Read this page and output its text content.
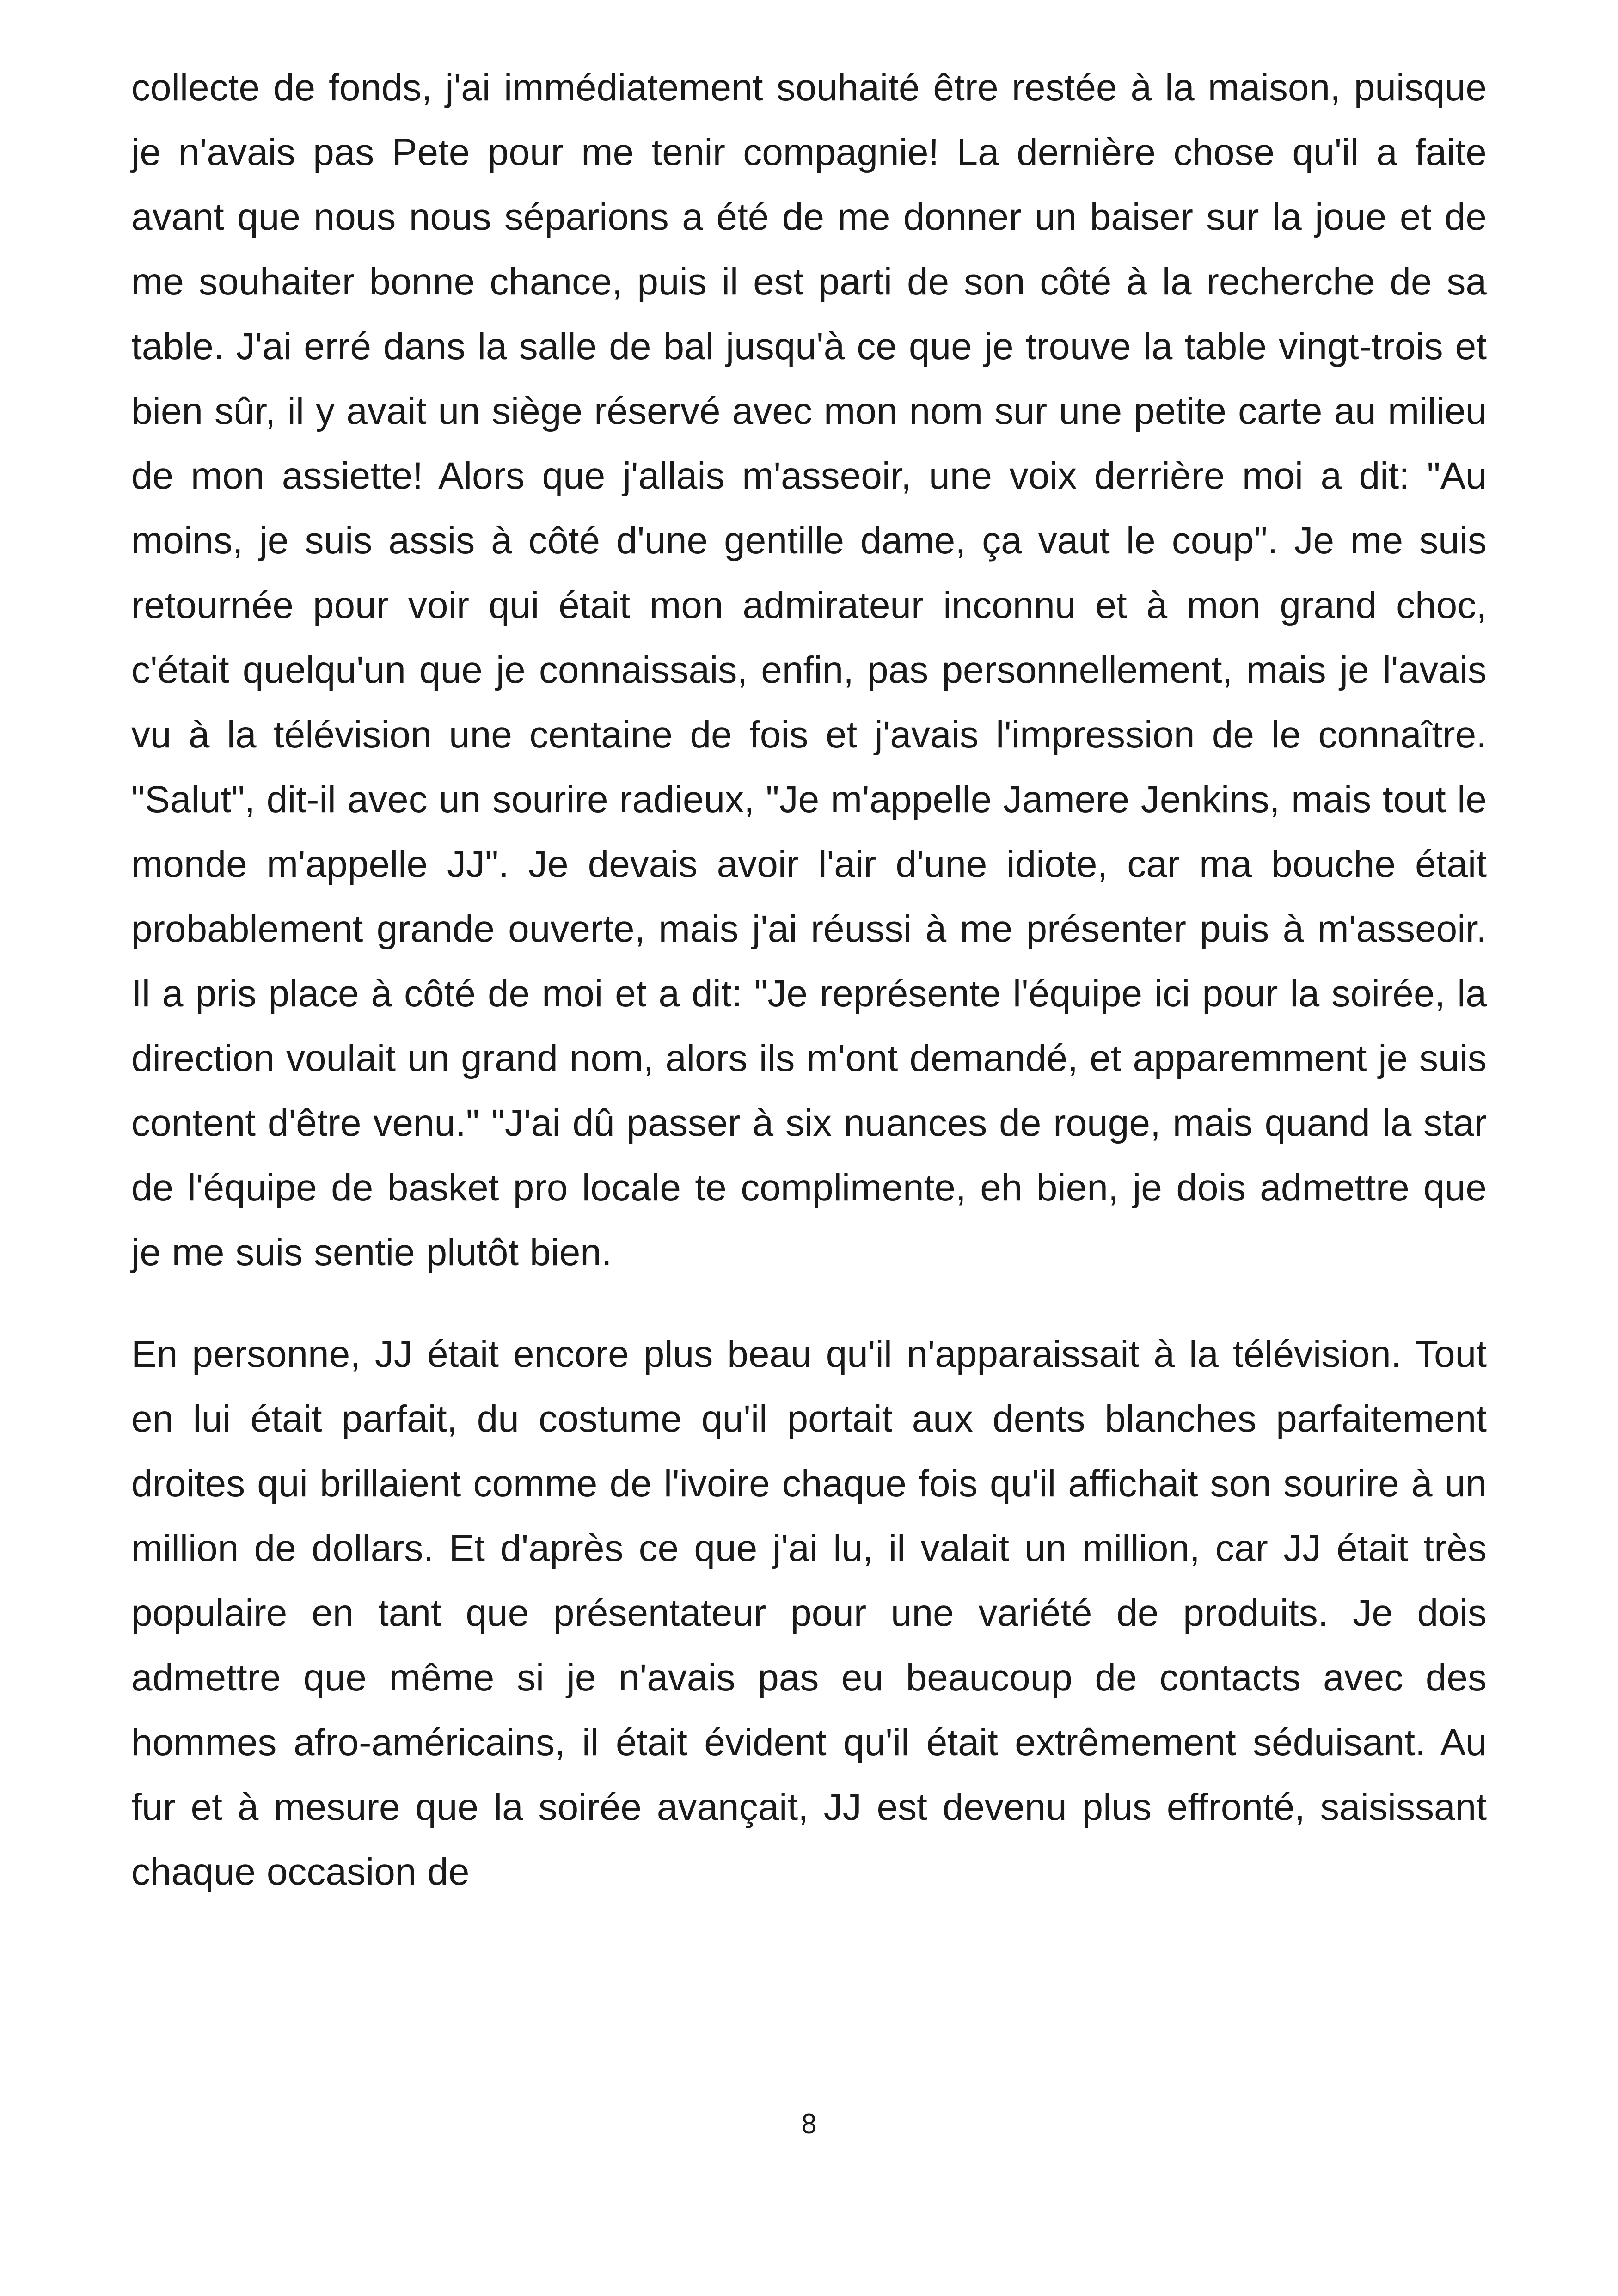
collecte de fonds, j'ai immédiatement souhaité être restée à la maison, puisque je n'avais pas Pete pour me tenir compagnie! La dernière chose qu'il a faite avant que nous nous séparions a été de me donner un baiser sur la joue et de me souhaiter bonne chance, puis il est parti de son côté à la recherche de sa table. J'ai erré dans la salle de bal jusqu'à ce que je trouve la table vingt-trois et bien sûr, il y avait un siège réservé avec mon nom sur une petite carte au milieu de mon assiette! Alors que j'allais m'asseoir, une voix derrière moi a dit: "Au moins, je suis assis à côté d'une gentille dame, ça vaut le coup". Je me suis retournée pour voir qui était mon admirateur inconnu et à mon grand choc, c'était quelqu'un que je connaissais, enfin, pas personnellement, mais je l'avais vu à la télévision une centaine de fois et j'avais l'impression de le connaître. "Salut", dit-il avec un sourire radieux, "Je m'appelle Jamere Jenkins, mais tout le monde m'appelle JJ". Je devais avoir l'air d'une idiote, car ma bouche était probablement grande ouverte, mais j'ai réussi à me présenter puis à m'asseoir. Il a pris place à côté de moi et a dit: "Je représente l'équipe ici pour la soirée, la direction voulait un grand nom, alors ils m'ont demandé, et apparemment je suis content d'être venu." "J'ai dû passer à six nuances de rouge, mais quand la star de l'équipe de basket pro locale te complimente, eh bien, je dois admettre que je me suis sentie plutôt bien.

En personne, JJ était encore plus beau qu'il n'apparaissait à la télévision. Tout en lui était parfait, du costume qu'il portait aux dents blanches parfaitement droites qui brillaient comme de l'ivoire chaque fois qu'il affichait son sourire à un million de dollars. Et d'après ce que j'ai lu, il valait un million, car JJ était très populaire en tant que présentateur pour une variété de produits. Je dois admettre que même si je n'avais pas eu beaucoup de contacts avec des hommes afro-américains, il était évident qu'il était extrêmement séduisant. Au fur et à mesure que la soirée avançait, JJ est devenu plus effronté, saisissant chaque occasion de

8
